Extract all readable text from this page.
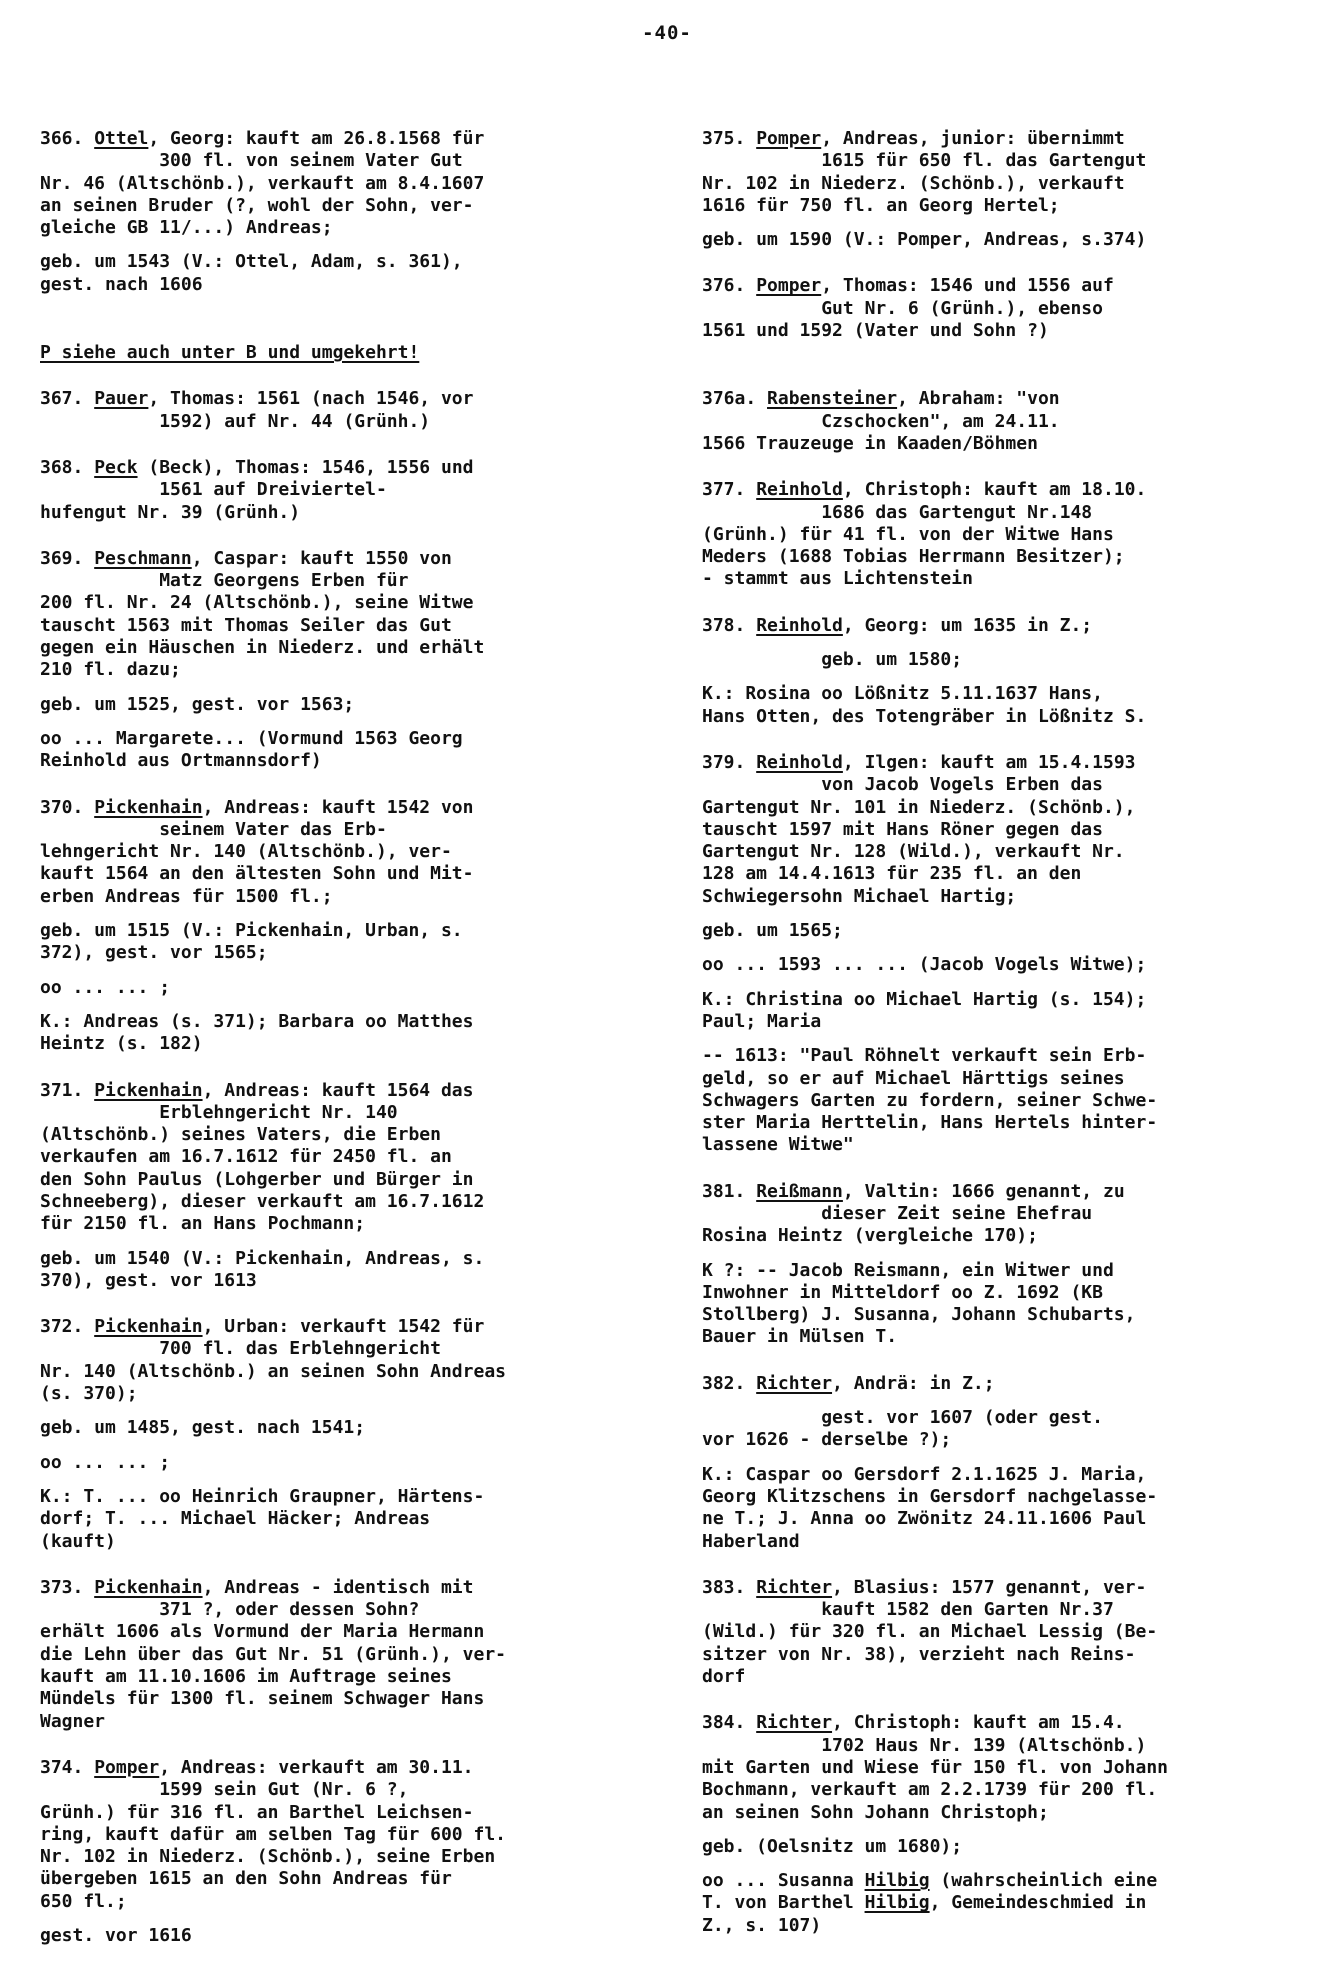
-40-
366. Ottel, Georg: kauft am 26.8.1568 für
300 fl. von seinem Vater Gut
Nr. 46 (Altschönb.), verkauft am 8.4.1607
an seinen Bruder (?, wohl der Sohn, ver-
gleiche GB 11/...) Andreas;
geb. um 1543 (V.: Ottel, Adam, s. 361),
gest. nach 1606
P siehe auch unter B und umgekehrt!
367. Pauer, Thomas: 1561 (nach 1546, vor
1592) auf Nr. 44 (Grünh.)
368. Peck (Beck), Thomas: 1546, 1556 und
1561 auf Dreiviertel-
hufengut Nr. 39 (Grünh.)
369. Peschmann, Caspar: kauft 1550 von
Matz Georgens Erben für
200 fl. Nr. 24 (Altschönb.), seine Witwe
tauscht 1563 mit Thomas Seiler das Gut
gegen ein Häuschen in Niederz. und erhält
210 fl. dazu;
geb. um 1525, gest. vor 1563;
oo ... Margarete... (Vormund 1563 Georg
Reinhold aus Ortmannsdorf)
370. Pickenhain, Andreas: kauft 1542 von
seinem Vater das Erb-
lehngericht Nr. 140 (Altschönb.), ver-
kauft 1564 an den ältesten Sohn und Mit-
erben Andreas für 1500 fl.;
geb. um 1515 (V.: Pickenhain, Urban, s.
372), gest. vor 1565;
oo ... ... ;
K.: Andreas (s. 371); Barbara oo Matthes
Heintz (s. 182)
371. Pickenhain, Andreas: kauft 1564 das
Erblehngericht Nr. 140
(Altschönb.) seines Vaters, die Erben
verkaufen am 16.7.1612 für 2450 fl. an
den Sohn Paulus (Lohgerber und Bürger in
Schneeberg), dieser verkauft am 16.7.1612
für 2150 fl. an Hans Pochmann;
geb. um 1540 (V.: Pickenhain, Andreas, s.
370), gest. vor 1613
372. Pickenhain, Urban: verkauft 1542 für
700 fl. das Erblehngericht
Nr. 140 (Altschönb.) an seinen Sohn Andreas
(s. 370);
geb. um 1485, gest. nach 1541;
oo ... ... ;
K.: T. ... oo Heinrich Graupner, Härtens-
dorf; T. ... Michael Häcker; Andreas
(kauft)
373. Pickenhain, Andreas - identisch mit
371 ?, oder dessen Sohn?
erhält 1606 als Vormund der Maria Hermann
die Lehn über das Gut Nr. 51 (Grünh.), ver-
kauft am 11.10.1606 im Auftrage seines
Mündels für 1300 fl. seinem Schwager Hans
Wagner
374. Pomper, Andreas: verkauft am 30.11.
1599 sein Gut (Nr. 6 ?,
Grünh.) für 316 fl. an Barthel Leichsen-
ring, kauft dafür am selben Tag für 600 fl.
Nr. 102 in Niederz. (Schönb.), seine Erben
übergeben 1615 an den Sohn Andreas für
650 fl.;
gest. vor 1616
375. Pomper, Andreas, junior: übernimmt
1615 für 650 fl. das Gartengut
Nr. 102 in Niederz. (Schönb.), verkauft
1616 für 750 fl. an Georg Hertel;
geb. um 1590 (V.: Pomper, Andreas, s.374)
376. Pomper, Thomas: 1546 und 1556 auf
Gut Nr. 6 (Grünh.), ebenso
1561 und 1592 (Vater und Sohn ?)
376a. Rabensteiner, Abraham: "von
Czschocken", am 24.11.
1566 Trauzeuge in Kaaden/Böhmen
377. Reinhold, Christoph: kauft am 18.10.
1686 das Gartengut Nr.148
(Grünh.) für 41 fl. von der Witwe Hans
Meders (1688 Tobias Herrmann Besitzer);
- stammt aus Lichtenstein
378. Reinhold, Georg: um 1635 in Z.;
geb. um 1580;
K.: Rosina oo Lößnitz 5.11.1637 Hans,
Hans Otten, des Totengräber in Lößnitz S.
379. Reinhold, Ilgen: kauft am 15.4.1593
von Jacob Vogels Erben das
Gartengut Nr. 101 in Niederz. (Schönb.),
tauscht 1597 mit Hans Röner gegen das
Gartengut Nr. 128 (Wild.), verkauft Nr.
128 am 14.4.1613 für 235 fl. an den
Schwiegersohn Michael Hartig;
geb. um 1565;
oo ... 1593 ... ... (Jacob Vogels Witwe);
K.: Christina oo Michael Hartig (s. 154);
Paul; Maria
-- 1613: "Paul Röhnelt verkauft sein Erb-
geld, so er auf Michael Härttigs seines
Schwagers Garten zu fordern, seiner Schwe-
ster Maria Herttelin, Hans Hertels hinter-
lassene Witwe"
381. Reißmann, Valtin: 1666 genannt, zu
dieser Zeit seine Ehefrau
Rosina Heintz (vergleiche 170);
K ?: -- Jacob Reismann, ein Witwer und
Inwohner in Mitteldorf oo Z. 1692 (KB
Stollberg) J. Susanna, Johann Schubarts,
Bauer in Mülsen T.
382. Richter, Andrä: in Z.;
gest. vor 1607 (oder gest.
vor 1626 - derselbe ?);
K.: Caspar oo Gersdorf 2.1.1625 J. Maria,
Georg Klitzschens in Gersdorf nachgelasse-
ne T.; J. Anna oo Zwönitz 24.11.1606 Paul
Haberland
383. Richter, Blasius: 1577 genannt, ver-
kauft 1582 den Garten Nr.37
(Wild.) für 320 fl. an Michael Lessig (Be-
sitzer von Nr. 38), verzieht nach Reins-
dorf
384. Richter, Christoph: kauft am 15.4.
1702 Haus Nr. 139 (Altschönb.)
mit Garten und Wiese für 150 fl. von Johann
Bochmann, verkauft am 2.2.1739 für 200 fl.
an seinen Sohn Johann Christoph;
geb. (Oelsnitz um 1680);
oo ... Susanna Hilbig (wahrscheinlich eine
T. von Barthel Hilbig, Gemeindeschmied in
Z., s. 107)
